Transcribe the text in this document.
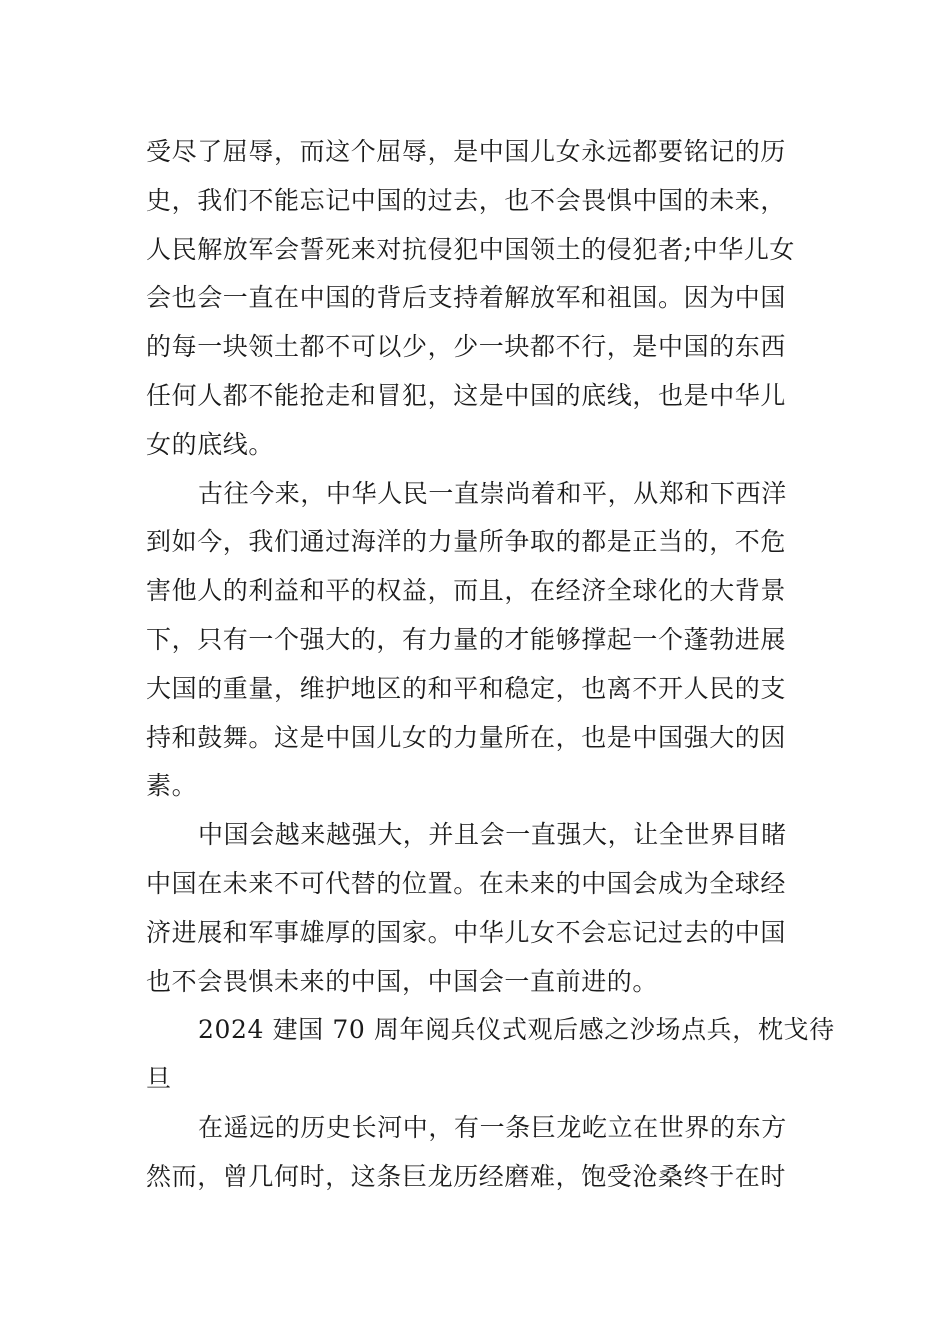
受尽了屈辱，而这个屈辱，是中国儿女永远都要铭记的历
史，我们不能忘记中国的过去，也不会畏惧中国的未来，
人民解放军会誓死来对抗侵犯中国领土的侵犯者;中华儿女
会也会一直在中国的背后支持着解放军和祖国。因为中国
的每一块领土都不可以少，少一块都不行，是中国的东西
任何人都不能抢走和冒犯，这是中国的底线，也是中华儿
女的底线。
古往今来，中华人民一直崇尚着和平，从郑和下西洋
到如今，我们通过海洋的力量所争取的都是正当的，不危
害他人的利益和平的权益，而且，在经济全球化的大背景
下，只有一个强大的，有力量的才能够撑起一个蓬勃进展
大国的重量，维护地区的和平和稳定，也离不开人民的支
持和鼓舞。这是中国儿女的力量所在，也是中国强大的因
素。
中国会越来越强大，并且会一直强大，让全世界目睹
中国在未来不可代替的位置。在未来的中国会成为全球经
济进展和军事雄厚的国家。中华儿女不会忘记过去的中国
也不会畏惧未来的中国，中国会一直前进的。
2024 建国 70 周年阅兵仪式观后感之沙场点兵，枕戈待
旦
在遥远的历史长河中，有一条巨龙屹立在世界的东方
然而，曾几何时，这条巨龙历经磨难，饱受沧桑终于在时
